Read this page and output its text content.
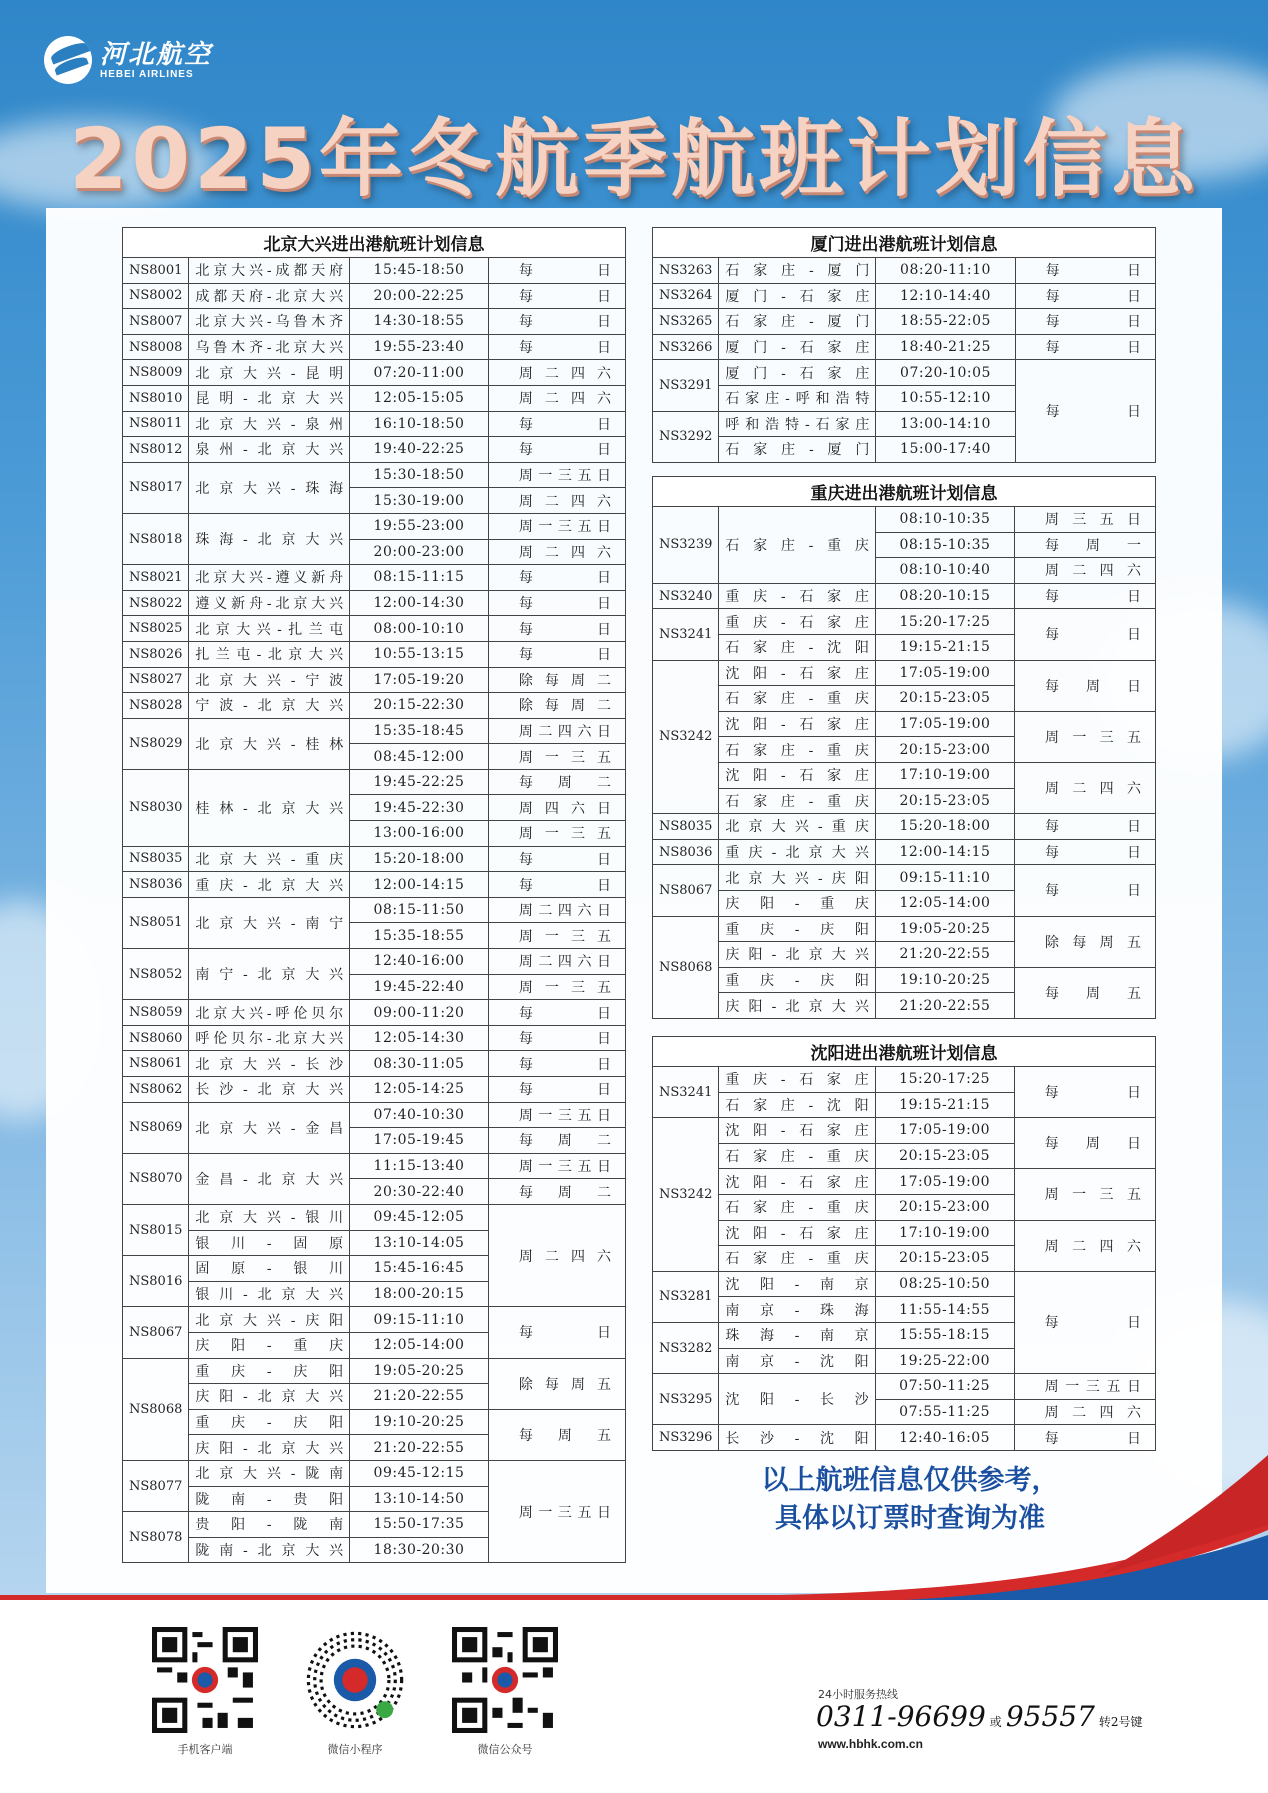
河北航空
HEBEI AIRLINES
2025年冬航季航班计划信息
北京大兴进出港航班计划信息
NS8001	北京大兴-成都天府	15:45-18:50	每日
NS8002	成都天府-北京大兴	20:00-22:25	每日
NS8007	北京大兴-乌鲁木齐	14:30-18:55	每日
NS8008	乌鲁木齐-北京大兴	19:55-23:40	每日
NS8009	北京大兴-昆明	07:20-11:00	周二四六
NS8010	昆明-北京大兴	12:05-15:05	周二四六
NS8011	北京大兴-泉州	16:10-18:50	每日
NS8012	泉州-北京大兴	19:40-22:25	每日
NS8017	北京大兴-珠海	15:30-18:50	周一三五日
		15:30-19:00	周二四六
NS8018	珠海-北京大兴	19:55-23:00	周一三五日
		20:00-23:00	周二四六
NS8021	北京大兴-遵义新舟	08:15-11:15	每日
NS8022	遵义新舟-北京大兴	12:00-14:30	每日
NS8025	北京大兴-扎兰屯	08:00-10:10	每日
NS8026	扎兰屯-北京大兴	10:55-13:15	每日
NS8027	北京大兴-宁波	17:05-19:20	除每周二
NS8028	宁波-北京大兴	20:15-22:30	除每周二
NS8029	北京大兴-桂林	15:35-18:45	周二四六日
		08:45-12:00	周一三五
NS8030	桂林-北京大兴	19:45-22:25	每周二
		19:45-22:30	周四六日
		13:00-16:00	周一三五
NS8035	北京大兴-重庆	15:20-18:00	每日
NS8036	重庆-北京大兴	12:00-14:15	每日
NS8051	北京大兴-南宁	08:15-11:50	周二四六日
		15:35-18:55	周一三五
NS8052	南宁-北京大兴	12:40-16:00	周二四六日
		19:45-22:40	周一三五
NS8059	北京大兴-呼伦贝尔	09:00-11:20	每日
NS8060	呼伦贝尔-北京大兴	12:05-14:30	每日
NS8061	北京大兴-长沙	08:30-11:05	每日
NS8062	长沙-北京大兴	12:05-14:25	每日
NS8069	北京大兴-金昌	07:40-10:30	周一三五日
		17:05-19:45	每周二
NS8070	金昌-北京大兴	11:15-13:40	周一三五日
		20:30-22:40	每周二
NS8015	北京大兴-银川	09:45-12:05	周二四六
	银川-固原	13:10-14:05	
NS8016	固原-银川	15:45-16:45	
	银川-北京大兴	18:00-20:15	
NS8067	北京大兴-庆阳	09:15-11:10	每日
	庆阳-重庆	12:05-14:00	
NS8068	重庆-庆阳	19:05-20:25	除每周五
	庆阳-北京大兴	21:20-22:55	
	重庆-庆阳	19:10-20:25	每周五
	庆阳-北京大兴	21:20-22:55	
NS8077	北京大兴-陇南	09:45-12:15	周一三五日
	陇南-贵阳	13:10-14:50	
NS8078	贵阳-陇南	15:50-17:35	
	陇南-北京大兴	18:30-20:30	
厦门进出港航班计划信息
NS3263	石家庄-厦门	08:20-11:10	每日
NS3264	厦门-石家庄	12:10-14:40	每日
NS3265	石家庄-厦门	18:55-22:05	每日
NS3266	厦门-石家庄	18:40-21:25	每日
NS3291	厦门-石家庄	07:20-10:05	每日
	石家庄-呼和浩特	10:55-12:10	
NS3292	呼和浩特-石家庄	13:00-14:10	
	石家庄-厦门	15:00-17:40	
重庆进出港航班计划信息
NS3239	石家庄-重庆	08:10-10:35	周三五日
		08:15-10:35	每周一
		08:10-10:40	周二四六
NS3240	重庆-石家庄	08:20-10:15	每日
NS3241	重庆-石家庄	15:20-17:25	每日
	石家庄-沈阳	19:15-21:15	
NS3242	沈阳-石家庄	17:05-19:00	每周日
	石家庄-重庆	20:15-23:05	
	沈阳-石家庄	17:05-19:00	周一三五
	石家庄-重庆	20:15-23:00	
	沈阳-石家庄	17:10-19:00	周二四六
	石家庄-重庆	20:15-23:05	
NS8035	北京大兴-重庆	15:20-18:00	每日
NS8036	重庆-北京大兴	12:00-14:15	每日
NS8067	北京大兴-庆阳	09:15-11:10	每日
	庆阳-重庆	12:05-14:00	
NS8068	重庆-庆阳	19:05-20:25	除每周五
	庆阳-北京大兴	21:20-22:55	
	重庆-庆阳	19:10-20:25	每周五
	庆阳-北京大兴	21:20-22:55	
沈阳进出港航班计划信息
NS3241	重庆-石家庄	15:20-17:25	每日
	石家庄-沈阳	19:15-21:15	
NS3242	沈阳-石家庄	17:05-19:00	每周日
	石家庄-重庆	20:15-23:05	
	沈阳-石家庄	17:05-19:00	周一三五
	石家庄-重庆	20:15-23:00	
	沈阳-石家庄	17:10-19:00	周二四六
	石家庄-重庆	20:15-23:05	
NS3281	沈阳-南京	08:25-10:50	每日
	南京-珠海	11:55-14:55	
NS3282	珠海-南京	15:55-18:15	
	南京-沈阳	19:25-22:00	
NS3295	沈阳-长沙	07:50-11:25	周一三五日
		07:55-11:25	周二四六
NS3296	长沙-沈阳	12:40-16:05	每日
以上航班信息仅供参考，
具体以订票时查询为准
手机客户端	微信小程序	微信公众号
24小时服务热线
0311-96699 或 95557 转2号键
www.hbhk.com.cn
